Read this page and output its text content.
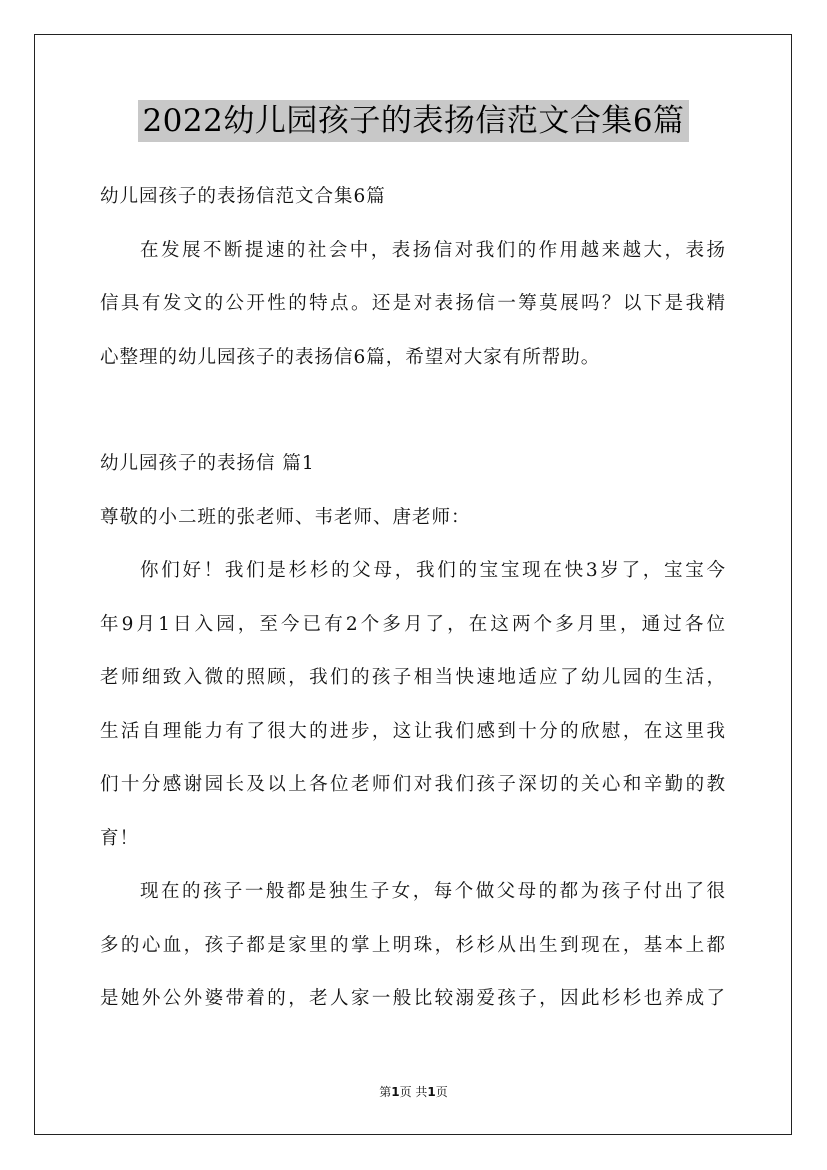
2022幼儿园孩子的表扬信范文合集6篇
幼儿园孩子的表扬信范文合集6篇
在发展不断提速的社会中，表扬信对我们的作用越来越大，表扬
信具有发文的公开性的特点。还是对表扬信一筹莫展吗？以下是我精
心整理的幼儿园孩子的表扬信6篇，希望对大家有所帮助。
幼儿园孩子的表扬信 篇1
尊敬的小二班的张老师、韦老师、唐老师：
你们好！我们是杉杉的父母，我们的宝宝现在快3岁了，宝宝今
年9月1日入园，至今已有2个多月了，在这两个多月里，通过各位
老师细致入微的照顾，我们的孩子相当快速地适应了幼儿园的生活，
生活自理能力有了很大的进步，这让我们感到十分的欣慰，在这里我
们十分感谢园长及以上各位老师们对我们孩子深切的关心和辛勤的教
育！
现在的孩子一般都是独生子女，每个做父母的都为孩子付出了很
多的心血，孩子都是家里的掌上明珠，杉杉从出生到现在，基本上都
是她外公外婆带着的，老人家一般比较溺爱孩子，因此杉杉也养成了
第1页 共1页
